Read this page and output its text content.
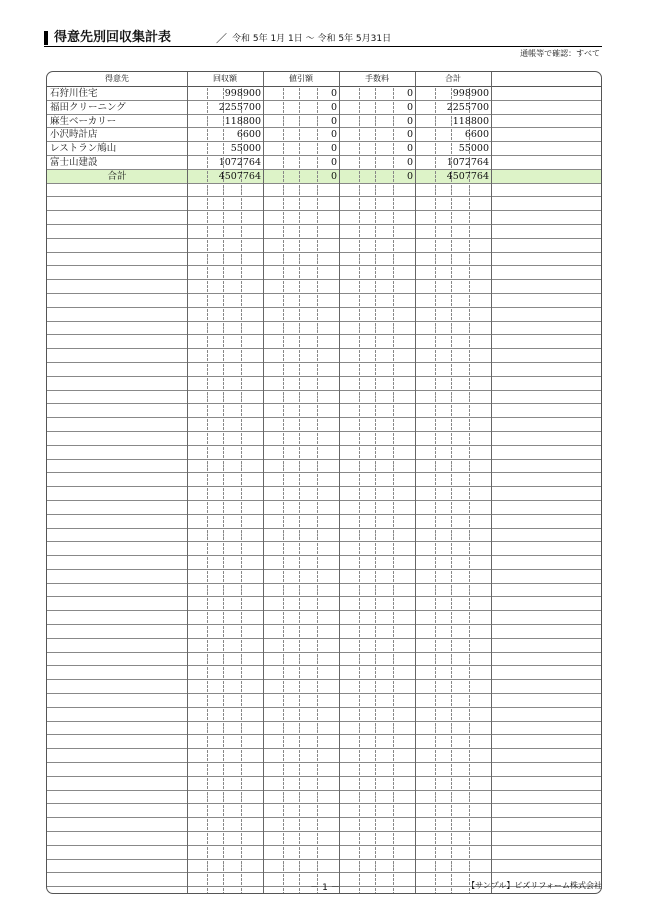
得意先別回収集計表	／ 令和 5年 1月 1日 ～ 令和 5年 5月31日
通帳等で確認：すべて
得意先	回収額	値引額	手数料	合計
石狩川住宅	998900	0	0	998900
福田クリーニング	2255700	0	0	2255700
麻生ベーカリー	118800	0	0	118800
小沢時計店	6600	0	0	6600
レストラン鳩山	55000	0	0	55000
富士山建設	1072764	0	0	1072764
合計	4507764	0	0	4507764
－ 1 －	【サンプル】ビズリフォーム株式会社
